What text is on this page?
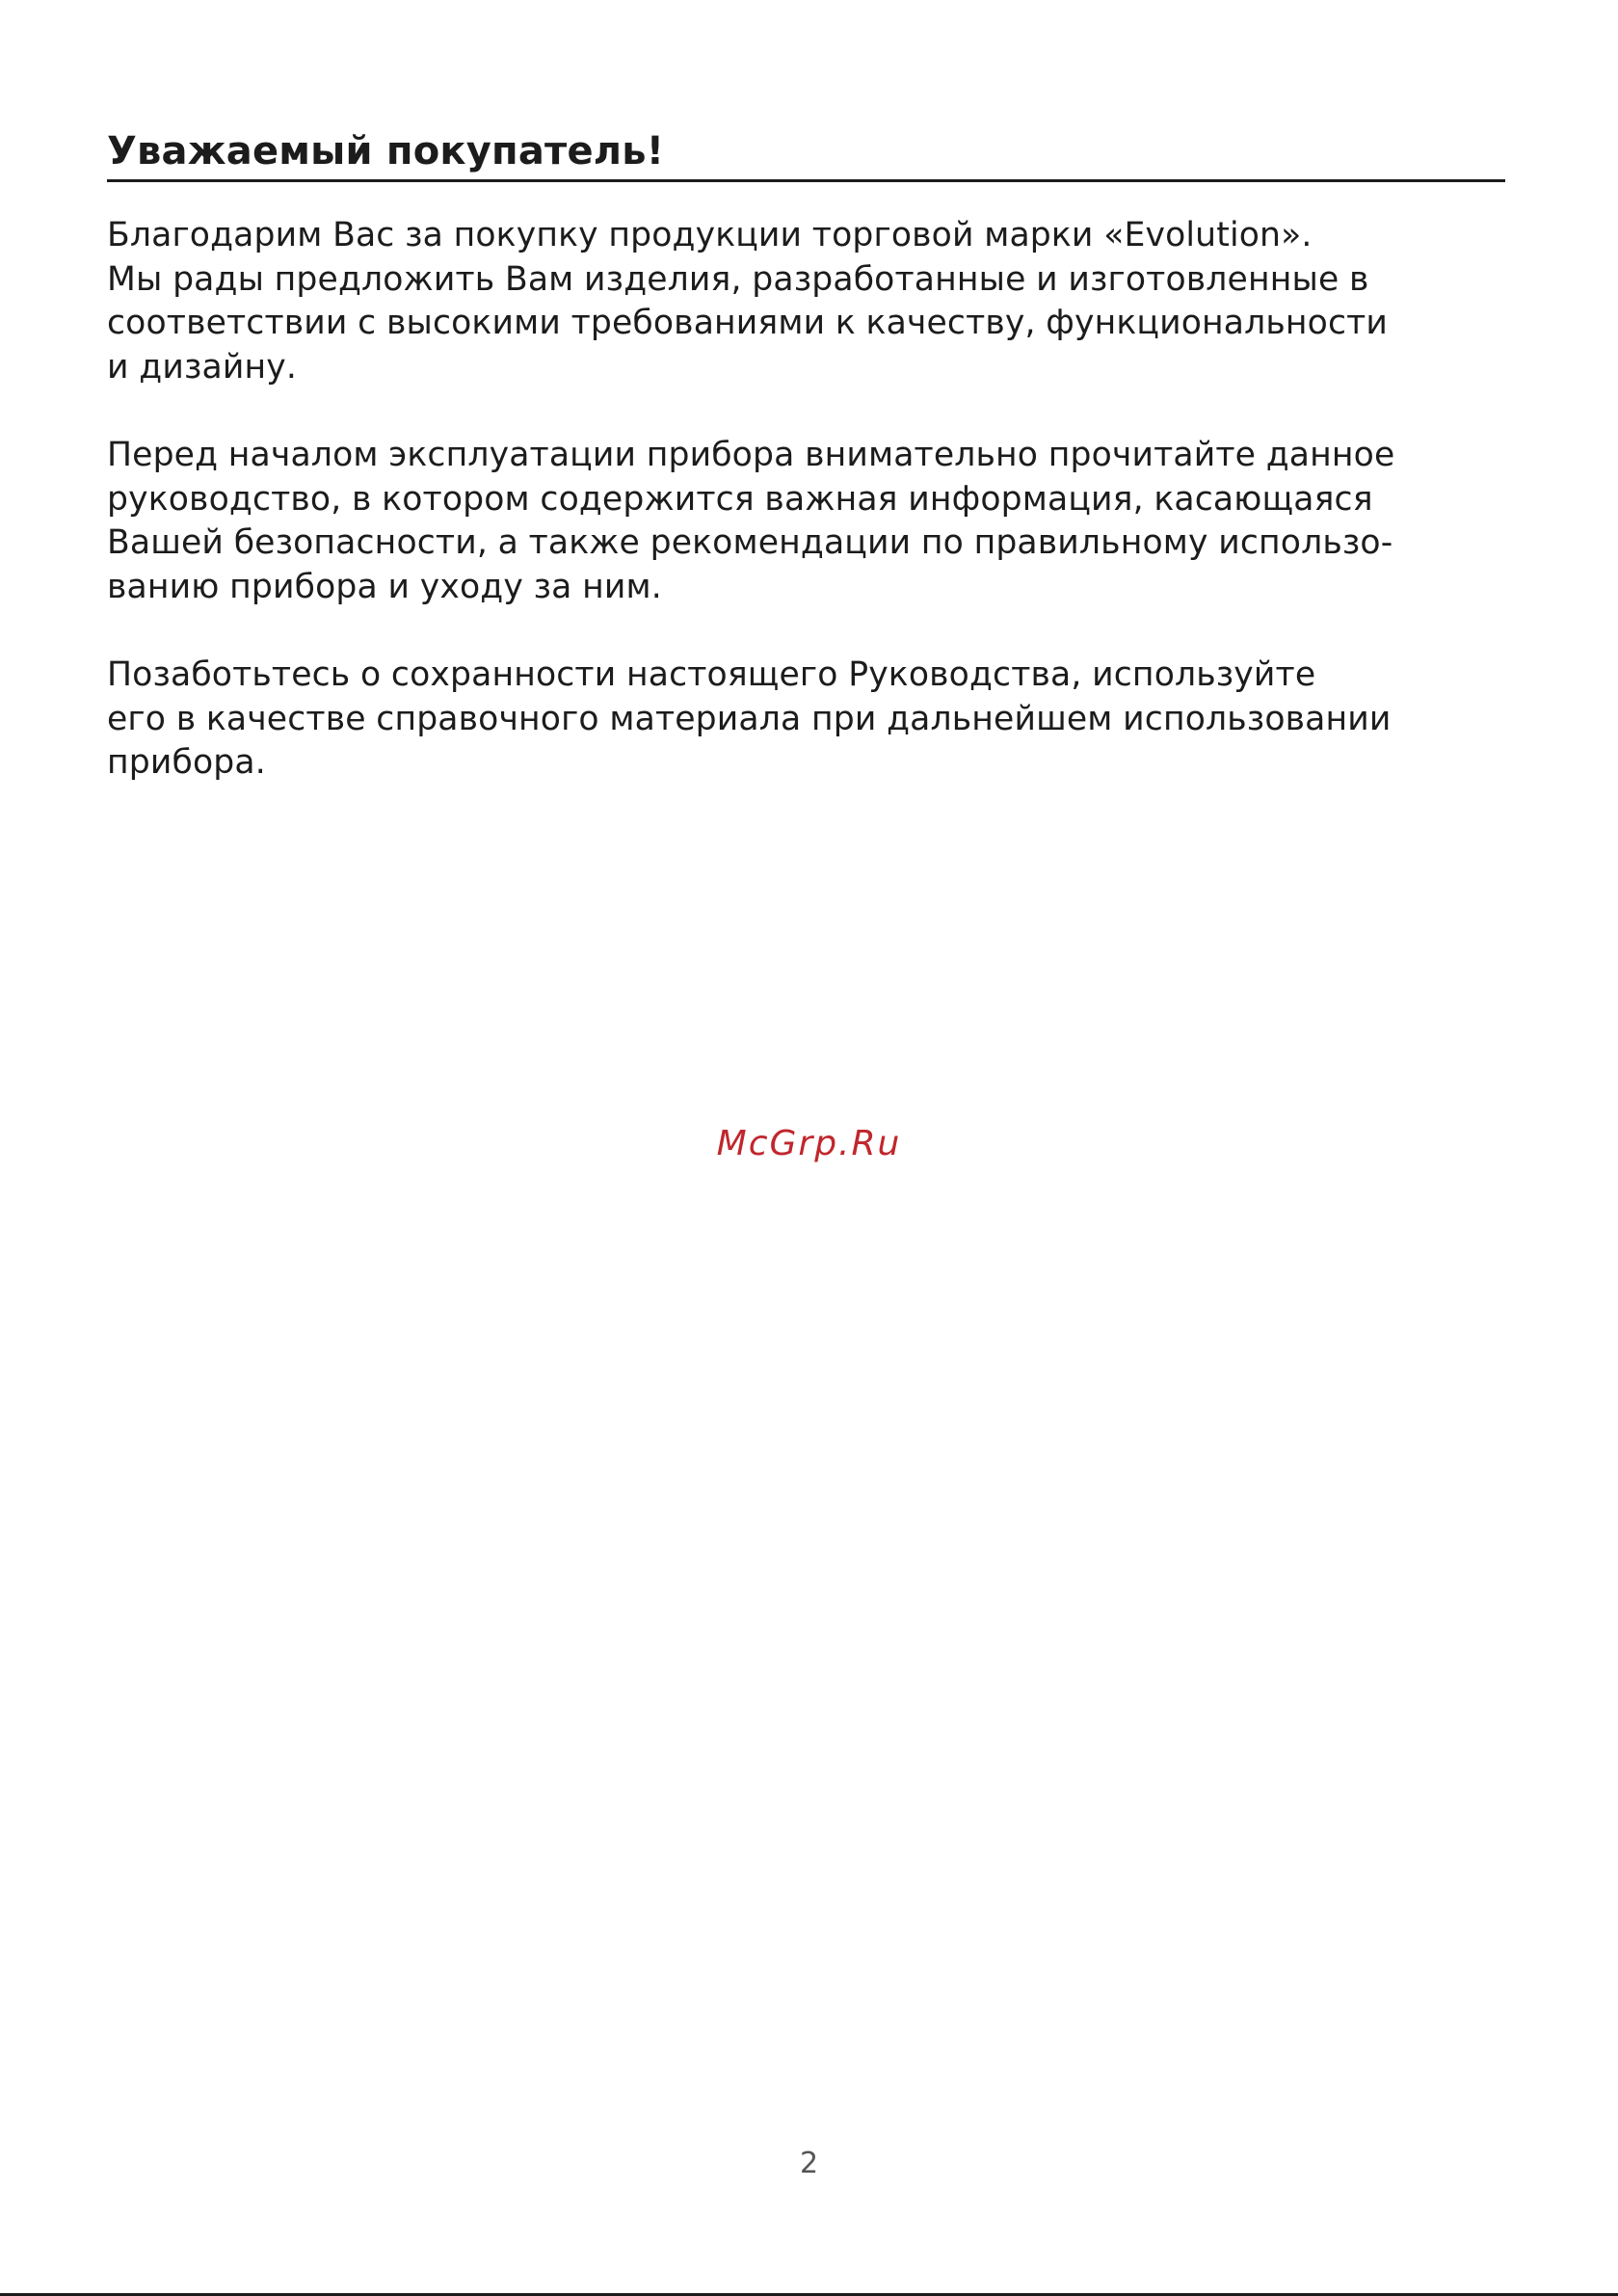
Уважаемый покупатель!

Благодарим Вас за покупку продукции торговой марки «Evolution».
Мы рады предложить Вам изделия, разработанные и изготовленные в
соответствии с высокими требованиями к качеству, функциональности
и дизайну.

Перед началом эксплуатации прибора внимательно прочитайте данное
руководство, в котором содержится важная информация, касающаяся
Вашей безопасности, а также рекомендации по правильному использо-
ванию прибора и уходу за ним.

Позаботьтесь о сохранности настоящего Руководства, используйте
его в качестве справочного материала при дальнейшем использовании
прибора.

McGrp.Ru
2
